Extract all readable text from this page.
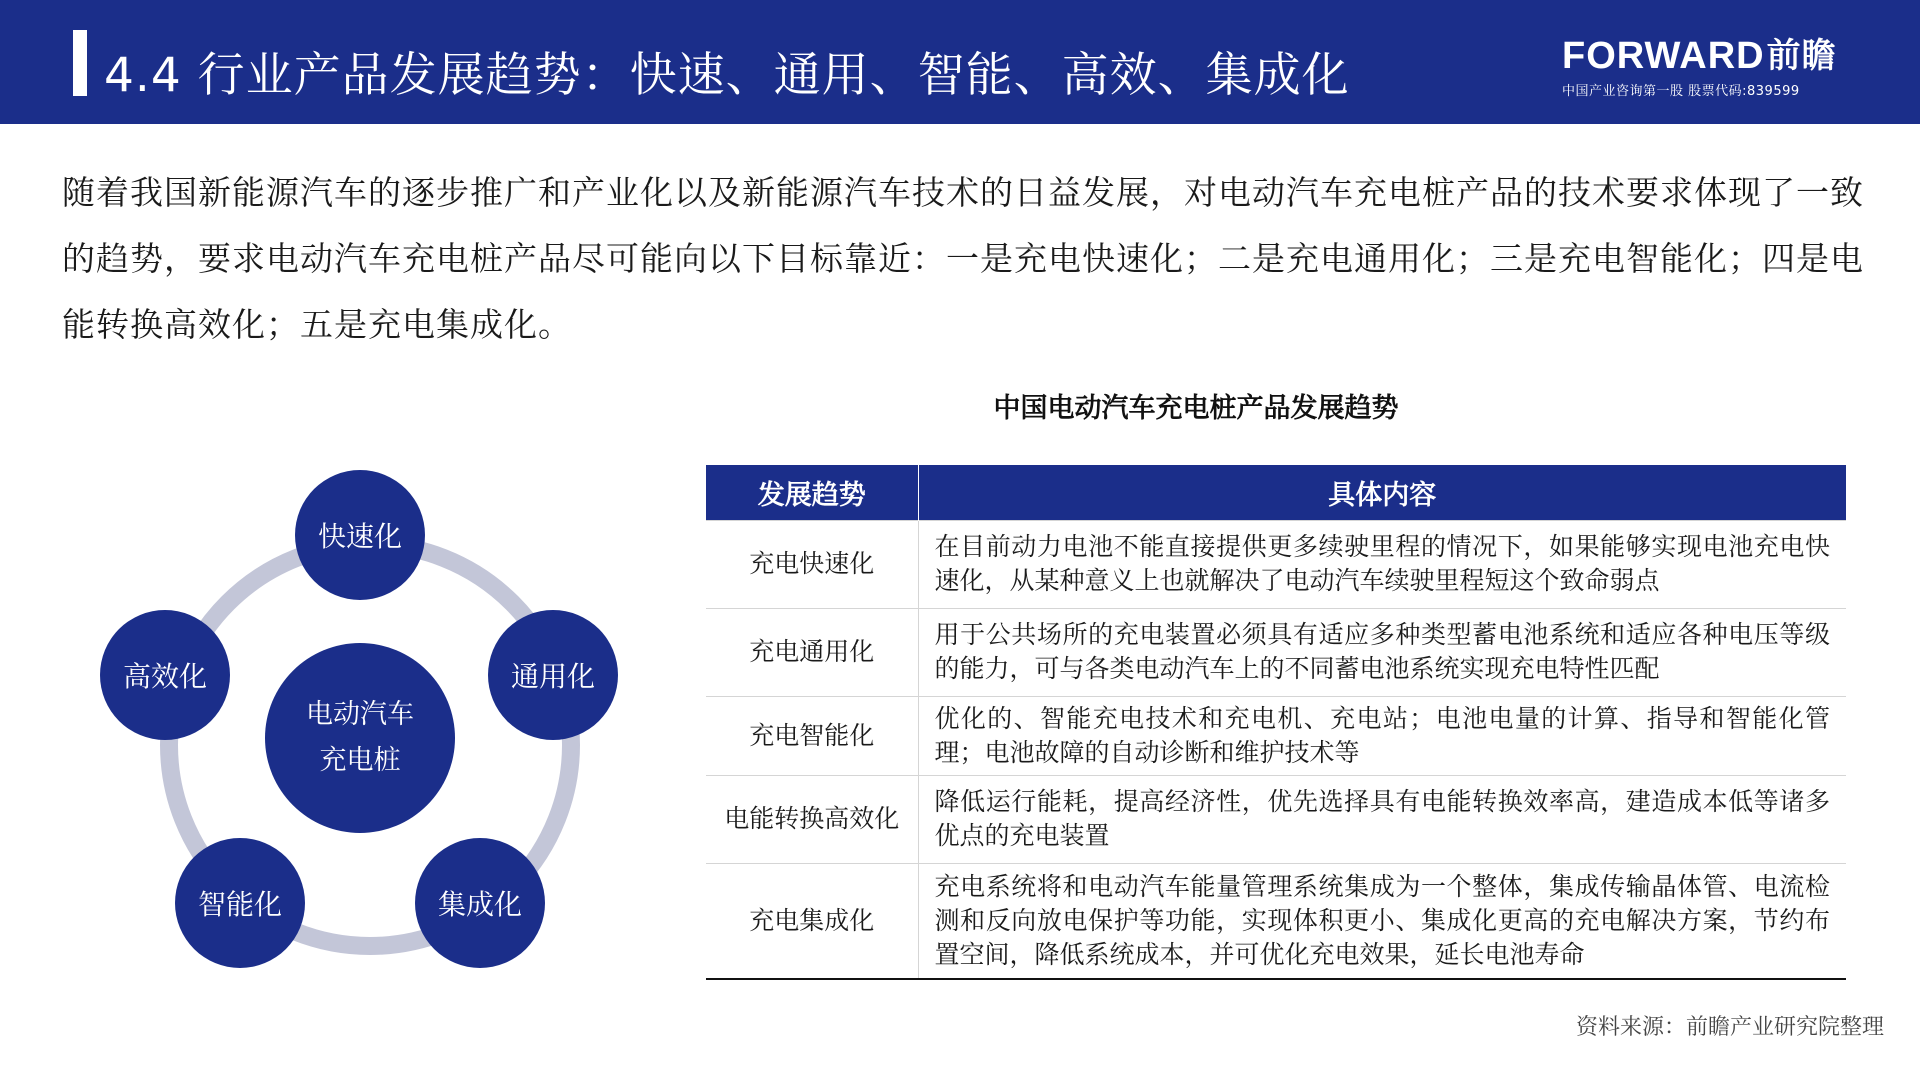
4.4 行业产品发展趋势：快速、通用、智能、高效、集成化	FORWARD 前瞻
中国产业咨询第一股 股票代码:839599
随着我国新能源汽车的逐步推广和产业化以及新能源汽车技术的日益发展，对电动汽车充电桩产品的技术要求体现了一致的趋势，要求电动汽车充电桩产品尽可能向以下目标靠近：一是充电快速化；二是充电通用化；三是充电智能化；四是电能转换高效化；五是充电集成化。
电动汽车
充电桩
快速化
通用化
集成化
智能化
高效化
中国电动汽车充电桩产品发展趋势
发展趋势	具体内容
充电快速化	在目前动力电池不能直接提供更多续驶里程的情况下，如果能够实现电池充电快速化，从某种意义上也就解决了电动汽车续驶里程短这个致命弱点
充电通用化	用于公共场所的充电装置必须具有适应多种类型蓄电池系统和适应各种电压等级的能力，可与各类电动汽车上的不同蓄电池系统实现充电特性匹配
充电智能化	优化的、智能充电技术和充电机、充电站；电池电量的计算、指导和智能化管理；电池故障的自动诊断和维护技术等
电能转换高效化	降低运行能耗，提高经济性，优先选择具有电能转换效率高，建造成本低等诸多优点的充电装置
充电集成化	充电系统将和电动汽车能量管理系统集成为一个整体，集成传输晶体管、电流检测和反向放电保护等功能，实现体积更小、集成化更高的充电解决方案，节约布置空间，降低系统成本，并可优化充电效果，延长电池寿命
资料来源：前瞻产业研究院整理
